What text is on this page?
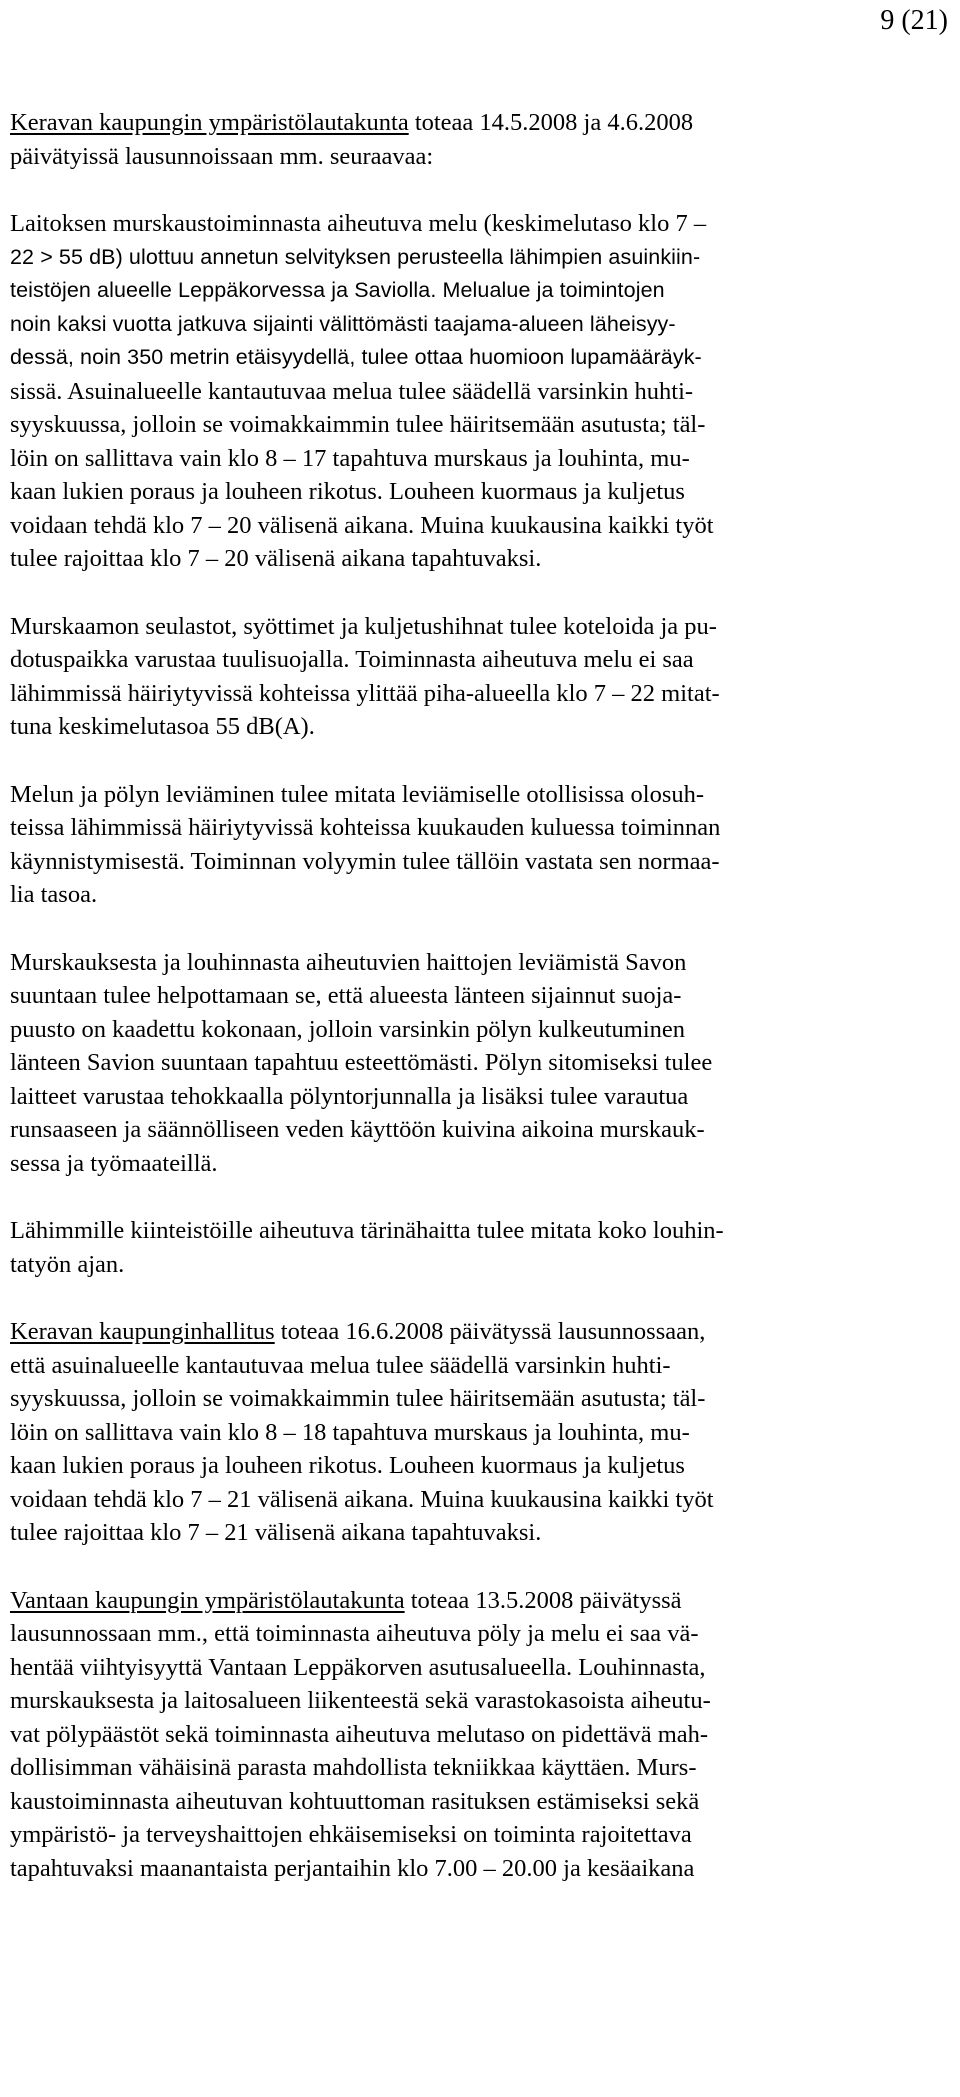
9 (21)
Keravan kaupungin ympäristölautakunta toteaa 14.5.2008 ja 4.6.2008
päivätyissä lausunnoissaan mm. seuraavaa:
Laitoksen murskaustoiminnasta aiheutuva melu (keskimelutaso klo 7 –
22 > 55 dB) ulottuu annetun selvityksen perusteella lähimpien asuinkiin-
teistöjen alueelle Leppäkorvessa ja Saviolla. Melualue ja toimintojen
noin kaksi vuotta jatkuva sijainti välittömästi taajama-alueen läheisyy-
dessä, noin 350 metrin etäisyydellä, tulee ottaa huomioon lupamääräyk-
sissä. Asuinalueelle kantautuvaa melua tulee säädellä varsinkin huhti-
syyskuussa, jolloin se voimakkaimmin tulee häiritsemään asutusta; täl-
löin on sallittava vain klo 8 – 17 tapahtuva murskaus ja louhinta, mu-
kaan lukien poraus ja louheen rikotus. Louheen kuormaus ja kuljetus
voidaan tehdä klo 7 – 20 välisenä aikana. Muina kuukausina kaikki työt
tulee rajoittaa klo 7 – 20 välisenä aikana tapahtuvaksi.
Murskaamon seulastot, syöttimet ja kuljetushihnat tulee koteloida ja pu-
dotuspaikka varustaa tuulisuojalla. Toiminnasta aiheutuva melu ei saa
lähimmissä häiriytyvissä kohteissa ylittää piha-alueella klo 7 – 22 mitat-
tuna keskimelutasoa 55 dB(A).
Melun ja pölyn leviäminen tulee mitata leviämiselle otollisissa olosuh-
teissa lähimmissä häiriytyvissä kohteissa kuukauden kuluessa toiminnan
käynnistymisestä. Toiminnan volyymin tulee tällöin vastata sen normaa-
lia tasoa.
Murskauksesta ja louhinnasta aiheutuvien haittojen leviämistä Savon
suuntaan tulee helpottamaan se, että alueesta länteen sijainnut suoja-
puusto on kaadettu kokonaan, jolloin varsinkin pölyn kulkeutuminen
länteen Savion suuntaan tapahtuu esteettömästi. Pölyn sitomiseksi tulee
laitteet varustaa tehokkaalla pölyntorjunnalla ja lisäksi tulee varautua
runsaaseen ja säännölliseen veden käyttöön kuivina aikoina murskauk-
sessa ja työmaateillä.
Lähimmille kiinteistöille aiheutuva tärinähaitta tulee mitata koko louhin-
tatyön ajan.
Keravan kaupunginhallitus toteaa 16.6.2008 päivätyssä lausunnossaan,
että asuinalueelle kantautuvaa melua tulee säädellä varsinkin huhti-
syyskuussa, jolloin se voimakkaimmin tulee häiritsemään asutusta; täl-
löin on sallittava vain klo 8 – 18 tapahtuva murskaus ja louhinta, mu-
kaan lukien poraus ja louheen rikotus. Louheen kuormaus ja kuljetus
voidaan tehdä klo 7 – 21 välisenä aikana. Muina kuukausina kaikki työt
tulee rajoittaa klo 7 – 21 välisenä aikana tapahtuvaksi.
Vantaan kaupungin ympäristölautakunta toteaa 13.5.2008 päivätyssä
lausunnossaan mm., että toiminnasta aiheutuva pöly ja melu ei saa vä-
hentää viihtyisyyttä Vantaan Leppäkorven asutusalueella. Louhinnasta,
murskauksesta ja laitosalueen liikenteestä sekä varastokasoista aiheutu-
vat pölypäästöt sekä toiminnasta aiheutuva melutaso on pidettävä mah-
dollisimman vähäisinä parasta mahdollista tekniikkaa käyttäen. Murs-
kaustoiminnasta aiheutuvan kohtuuttoman rasituksen estämiseksi sekä
ympäristö- ja terveyshaittojen ehkäisemiseksi on toiminta rajoitettava
tapahtuvaksi maanantaista perjantaihin klo 7.00 – 20.00 ja kesäaikana
